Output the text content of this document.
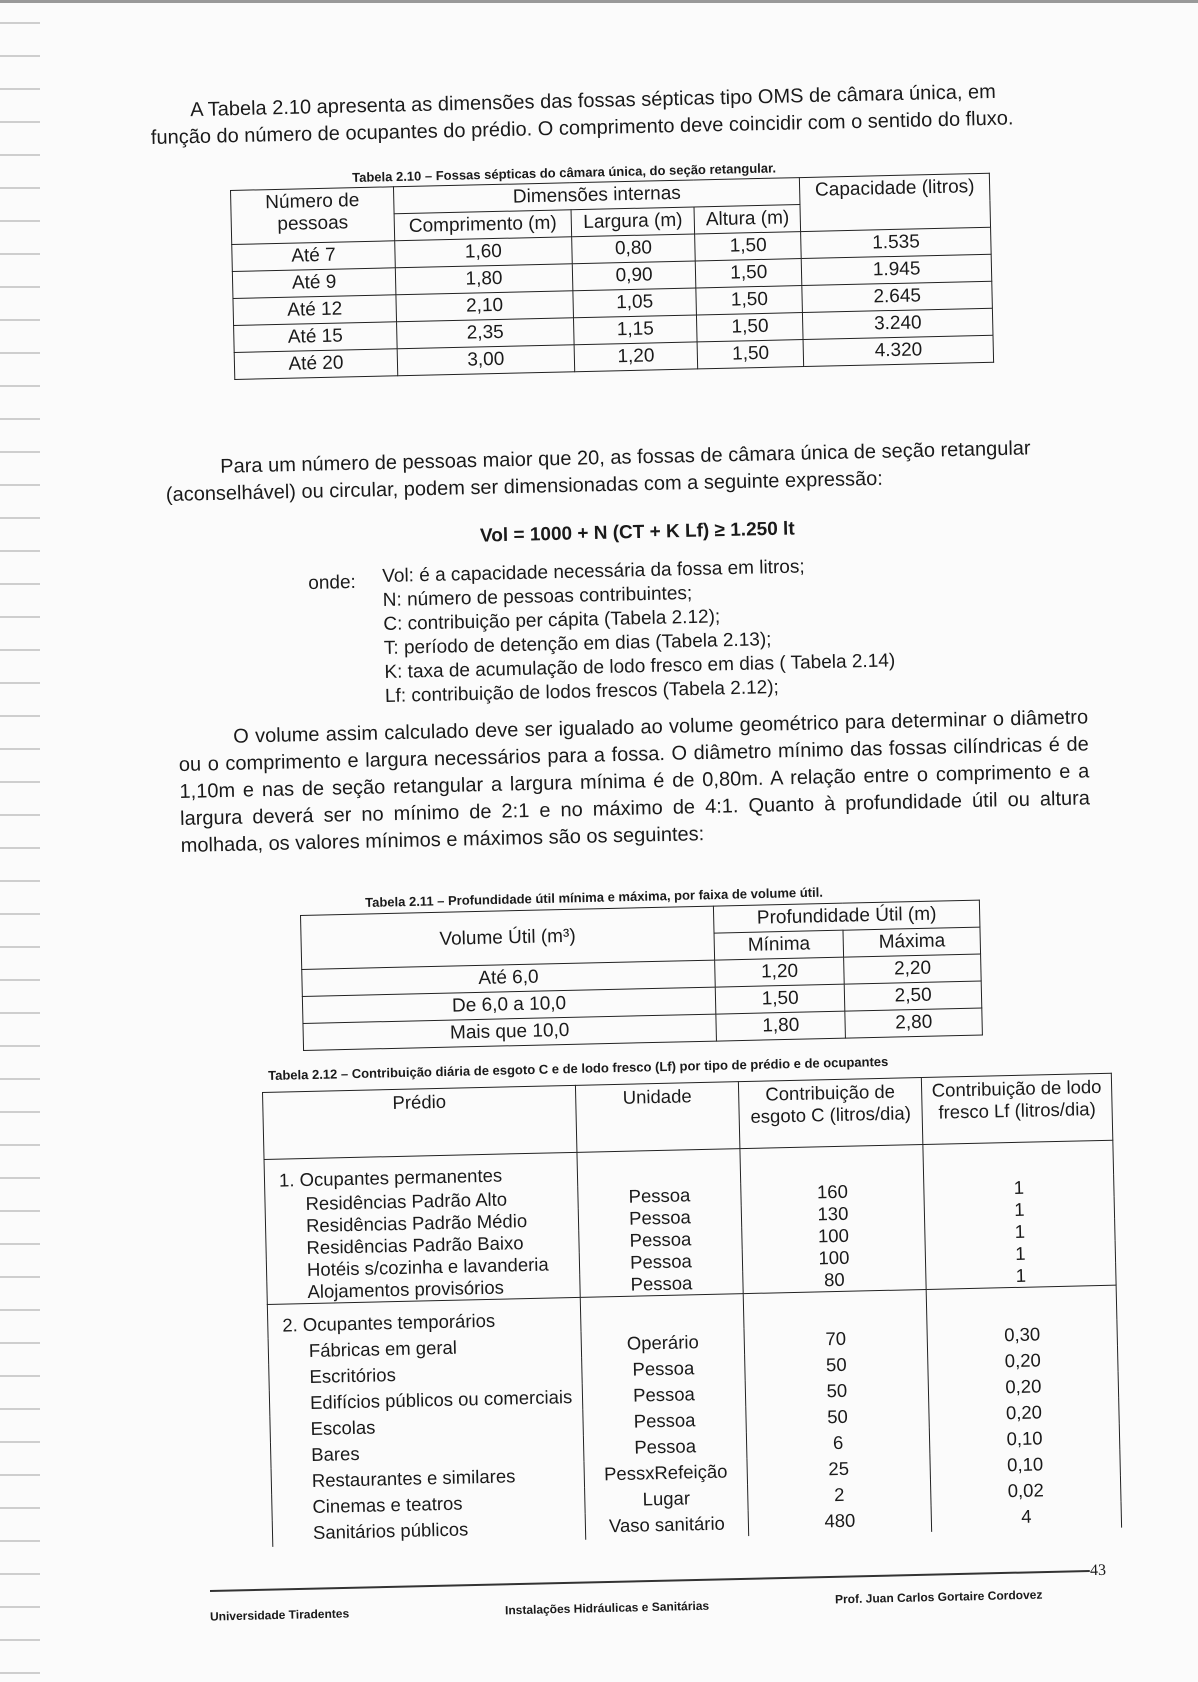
A Tabela 2.10 apresenta as dimensões das fossas sépticas tipo OMS de câmara única, em função do número de ocupantes do prédio. O comprimento deve coincidir com o sentido do fluxo.

Tabela 2.10 – Fossas sépticas do câmara única, do seção retangular.
Número de pessoas	Dimensões internas			Capacidade (litros)
	Comprimento (m)	Largura (m)	Altura (m)	
Até 7	1,60	0,80	1,50	1.535
Até 9	1,80	0,90	1,50	1.945
Até 12	2,10	1,05	1,50	2.645
Até 15	2,35	1,15	1,50	3.240
Até 20	3,00	1,20	1,50	4.320

Para um número de pessoas maior que 20, as fossas de câmara única de seção retangular (aconselhável) ou circular, podem ser dimensionadas com a seguinte expressão:

Vol = 1000 + N (CT + K Lf) ≥ 1.250 lt
onde: Vol: é a capacidade necessária da fossa em litros;
N: número de pessoas contribuintes;
C: contribuição per cápita (Tabela 2.12);
T: período de detenção em dias (Tabela 2.13);
K: taxa de acumulação de lodo fresco em dias ( Tabela 2.14)
Lf: contribuição de lodos frescos (Tabela 2.12);

O volume assim calculado deve ser igualado ao volume geométrico para determinar o diâmetro ou o comprimento e largura necessários para a fossa. O diâmetro mínimo das fossas cilíndricas é de 1,10m e nas de seção retangular a largura mínima é de 0,80m. A relação entre o comprimento e a largura deverá ser no mínimo de 2:1 e no máximo de 4:1. Quanto à profundidade útil ou altura molhada, os valores mínimos e máximos são os seguintes:

Tabela 2.11 – Profundidade útil mínima e máxima, por faixa de volume útil.
Volume Útil (m³)	Profundidade Útil (m)	
	Mínima	Máxima
Até 6,0	1,20	2,20
De 6,0 a 10,0	1,50	2,50
Mais que 10,0	1,80	2,80
Tabela 2.12 – Contribuição diária de esgoto C e de lodo fresco (Lf) por tipo de prédio e de ocupantes
Prédio	Unidade	Contribuição de esgoto C (litros/dia)	Contribuição de lodo fresco Lf (litros/dia)
1. Ocupantes permanentes			
Residências Padrão Alto	Pessoa	160	1
Residências Padrão Médio	Pessoa	130	1
Residências Padrão Baixo	Pessoa	100	1
Hotéis s/cozinha e lavanderia	Pessoa	100	1
Alojamentos provisórios	Pessoa	80	1
2. Ocupantes temporários			
Fábricas em geral	Operário	70	0,30
Escritórios	Pessoa	50	0,20
Edifícios públicos ou comerciais	Pessoa	50	0,20
Escolas	Pessoa	50	0,20
Bares	Pessoa	6	0,10
Restaurantes e similares	PessxRefeição	25	0,10
Cinemas e teatros	Lugar	2	0,02
Sanitários públicos	Vaso sanitário	480	4
Universidade Tiradentes	Instalações Hidráulicas e Sanitárias
Prof. Juan Carlos Gortaire Cordovez
43
